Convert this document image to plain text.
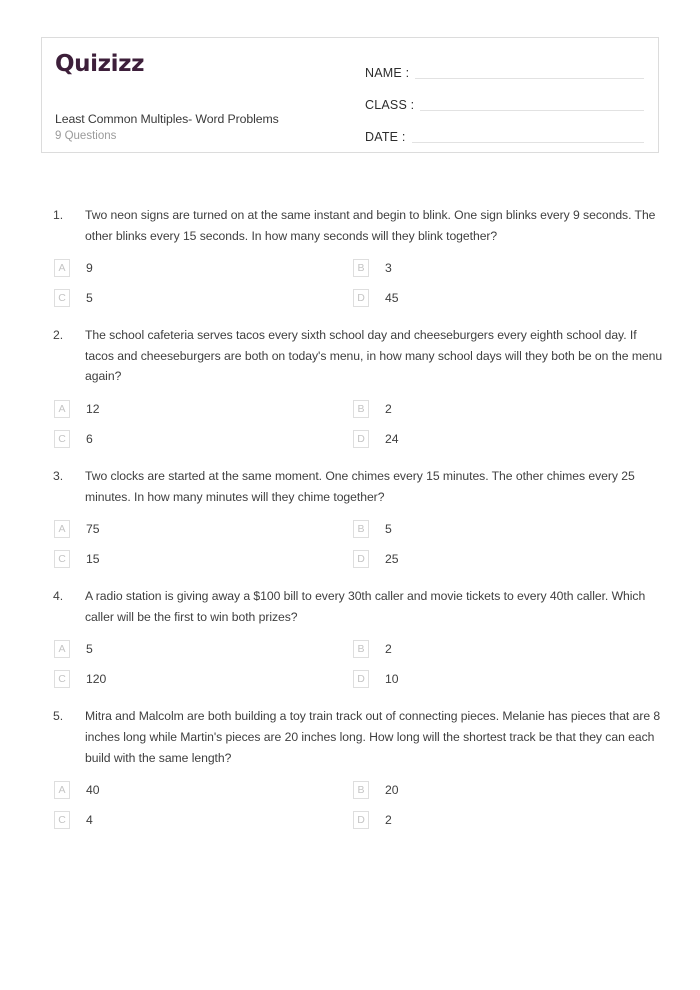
Quizizz
Least Common Multiples- Word Problems
9 Questions
NAME :
CLASS :
DATE :
1.	Two neon signs are turned on at the same instant and begin to blink. One sign blinks every 9 seconds. The other blinks every 15 seconds. In how many seconds will they blink together?
A	9	B	3
C	5	D	45
2.	The school cafeteria serves tacos every sixth school day and cheeseburgers every eighth school day. If tacos and cheeseburgers are both on today's menu, in how many school days will they both be on the menu again?
A	12	B	2
C	6	D	24
3.	Two clocks are started at the same moment. One chimes every 15 minutes. The other chimes every 25 minutes. In how many minutes will they chime together?
A	75	B	5
C	15	D	25
4.	A radio station is giving away a $100 bill to every 30th caller and movie tickets to every 40th caller. Which caller will be the first to win both prizes?
A	5	B	2
C	120	D	10
5.	Mitra and Malcolm are both building a toy train track out of connecting pieces. Melanie has pieces that are 8 inches long while Martin's pieces are 20 inches long. How long will the shortest track be that they can each build with the same length?
A	40	B	20
C	4	D	2
